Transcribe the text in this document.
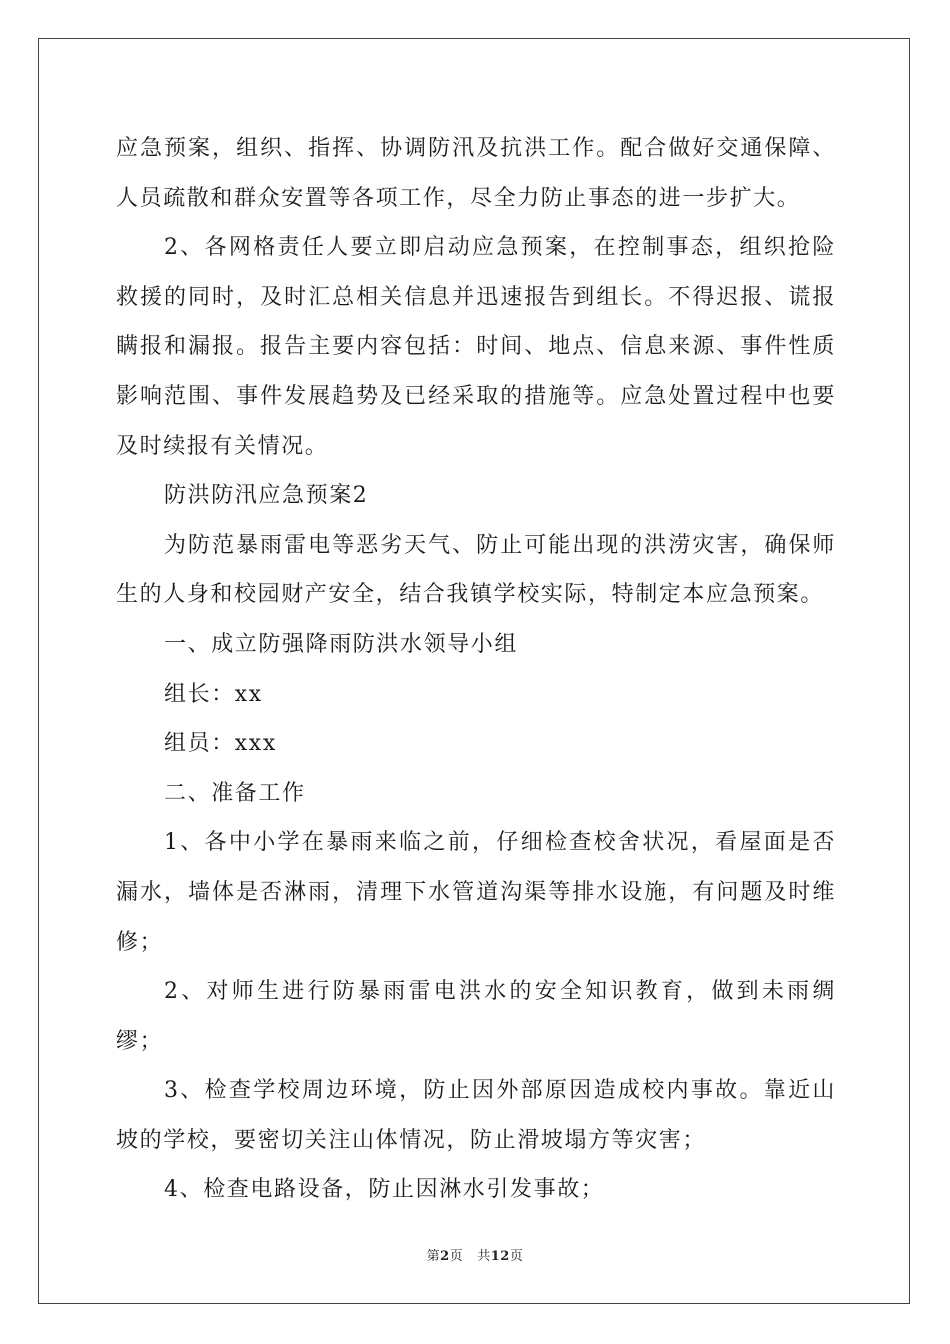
应急预案，组织、指挥、协调防汛及抗洪工作。配合做好交通保障、人员疏散和群众安置等各项工作，尽全力防止事态的进一步扩大。

2、各网格责任人要立即启动应急预案，在控制事态，组织抢险救援的同时，及时汇总相关信息并迅速报告到组长。不得迟报、谎报瞒报和漏报。报告主要内容包括：时间、地点、信息来源、事件性质影响范围、事件发展趋势及已经采取的措施等。应急处置过程中也要及时续报有关情况。

防洪防汛应急预案2

为防范暴雨雷电等恶劣天气、防止可能出现的洪涝灾害，确保师生的人身和校园财产安全，结合我镇学校实际，特制定本应急预案。

一、成立防强降雨防洪水领导小组

组长：xx

组员：xxx

二、准备工作

1、各中小学在暴雨来临之前，仔细检查校舍状况，看屋面是否漏水，墙体是否淋雨，清理下水管道沟渠等排水设施，有问题及时维修；

2、对师生进行防暴雨雷电洪水的安全知识教育，做到未雨绸缪；

3、检查学校周边环境，防止因外部原因造成校内事故。靠近山坡的学校，要密切关注山体情况，防止滑坡塌方等灾害；

4、检查电路设备，防止因淋水引发事故；

第2页 共12页
